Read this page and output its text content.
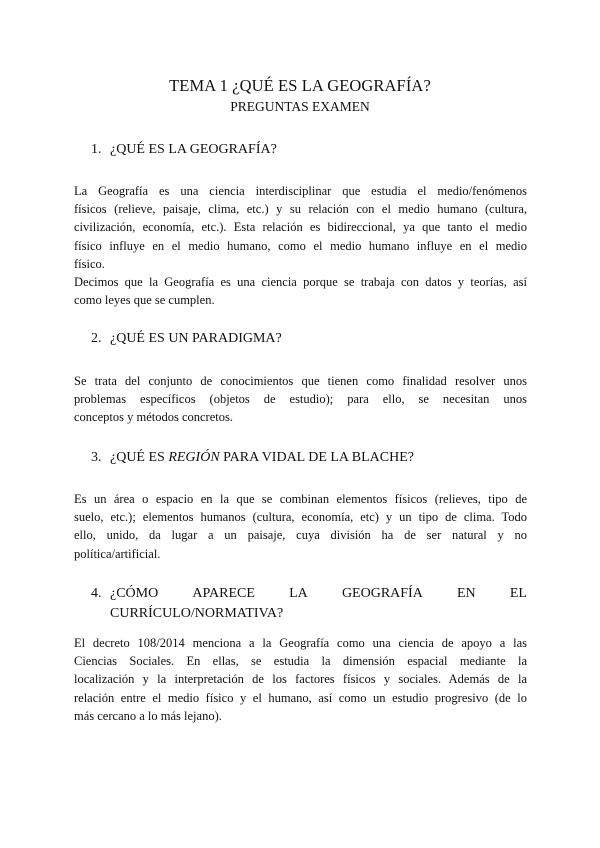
TEMA 1 ¿QUÉ ES LA GEOGRAFÍA?
PREGUNTAS EXAMEN
1. ¿QUÉ ES LA GEOGRAFÍA?
La Geografía es una ciencia interdisciplinar que estudia el medio/fenómenos
físicos (relieve, paisaje, clima, etc.) y su relación con el medio humano (cultura,
civilización, economía, etc.). Esta relación es bidireccional, ya que tanto el medio
físico influye en el medio humano, como el medio humano influye en el medio
físico.
Decimos que la Geografía es una ciencia porque se trabaja con datos y teorías, así
como leyes que se cumplen.
2. ¿QUÉ ES UN PARADIGMA?
Se trata del conjunto de conocimientos que tienen como finalidad resolver unos
problemas específicos (objetos de estudio); para ello, se necesitan unos
conceptos y métodos concretos.
3. ¿QUÉ ES REGIÓN PARA VIDAL DE LA BLACHE?
Es un área o espacio en la que se combinan elementos físicos (relieves, tipo de
suelo, etc.); elementos humanos (cultura, economía, etc) y un tipo de clima. Todo
ello, unido, da lugar a un paisaje, cuya división ha de ser natural y no
política/artificial.
4. ¿CÓMO APARECE LA GEOGRAFÍA EN EL
CURRÍCULO/NORMATIVA?
El decreto 108/2014 menciona a la Geografía como una ciencia de apoyo a las
Ciencias Sociales. En ellas, se estudia la dimensión espacial mediante la
localización y la interpretación de los factores físicos y sociales. Además de la
relación entre el medio físico y el humano, así como un estudio progresivo (de lo
más cercano a lo más lejano).
